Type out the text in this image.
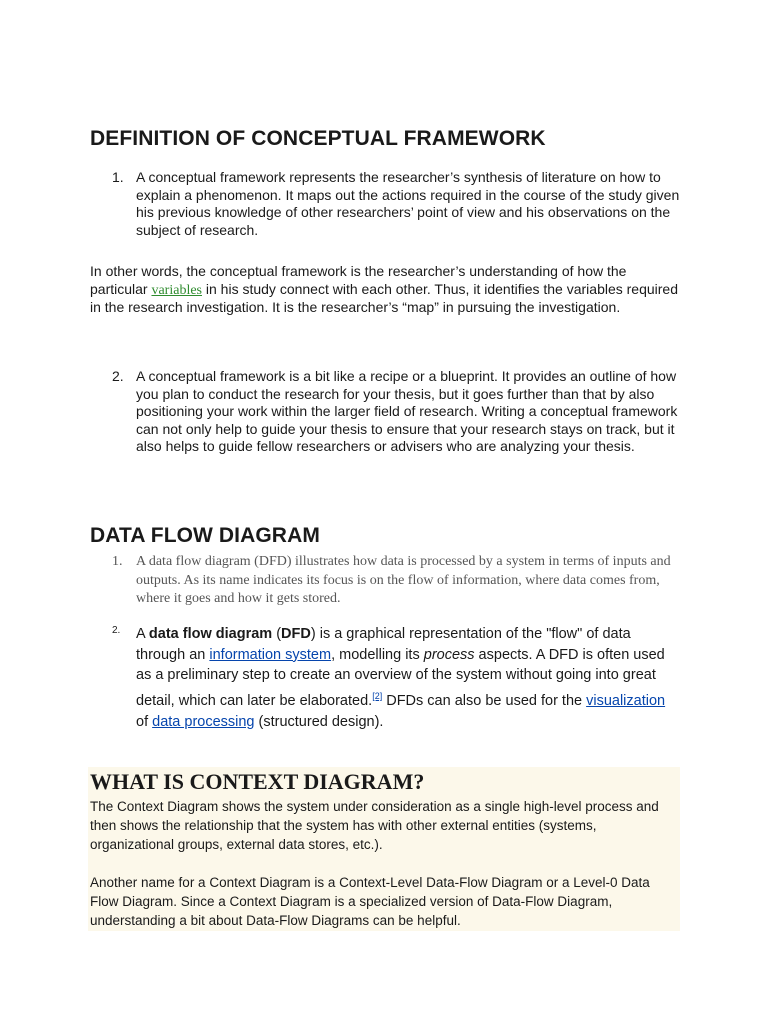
DEFINITION OF CONCEPTUAL FRAMEWORK
1. A conceptual framework represents the researcher’s synthesis of literature on how to explain a phenomenon. It maps out the actions required in the course of the study given his previous knowledge of other researchers’ point of view and his observations on the subject of research.

In other words, the conceptual framework is the researcher’s understanding of how the particular variables in his study connect with each other. Thus, it identifies the variables required in the research investigation. It is the researcher’s “map” in pursuing the investigation.

2. A conceptual framework is a bit like a recipe or a blueprint. It provides an outline of how you plan to conduct the research for your thesis, but it goes further than that by also positioning your work within the larger field of research. Writing a conceptual framework can not only help to guide your thesis to ensure that your research stays on track, but it also helps to guide fellow researchers or advisers who are analyzing your thesis.
DATA FLOW DIAGRAM
1. A data flow diagram (DFD) illustrates how data is processed by a system in terms of inputs and outputs. As its name indicates its focus is on the flow of information, where data comes from, where it goes and how it gets stored.
2. A data flow diagram (DFD) is a graphical representation of the "flow" of data through an information system, modelling its process aspects. A DFD is often used as a preliminary step to create an overview of the system without going into great detail, which can later be elaborated.[2] DFDs can also be used for the visualization of data processing (structured design).
WHAT IS CONTEXT DIAGRAM?
The Context Diagram shows the system under consideration as a single high-level process and then shows the relationship that the system has with other external entities (systems, organizational groups, external data stores, etc.).
Another name for a Context Diagram is a Context-Level Data-Flow Diagram or a Level-0 Data Flow Diagram. Since a Context Diagram is a specialized version of Data-Flow Diagram, understanding a bit about Data-Flow Diagrams can be helpful.
